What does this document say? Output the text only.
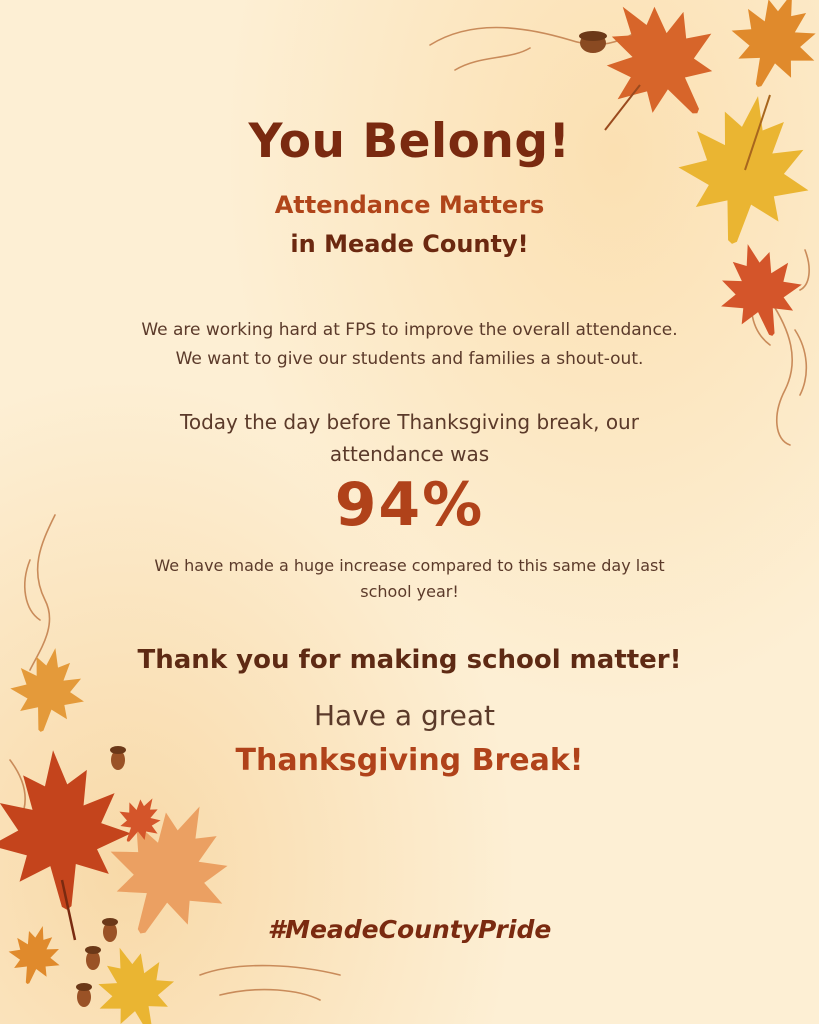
You Belong!
Attendance Matters
in Meade County!
We are working hard at FPS to improve the overall attendance.
We want to give our students and families a shout-out.
Today the day before Thanksgiving break, our
attendance was
94%
We have made a huge increase compared to this same day last
school year!
Thank you for making school matter!
Have a great
Thanksgiving Break!
#MeadeCountyPride
